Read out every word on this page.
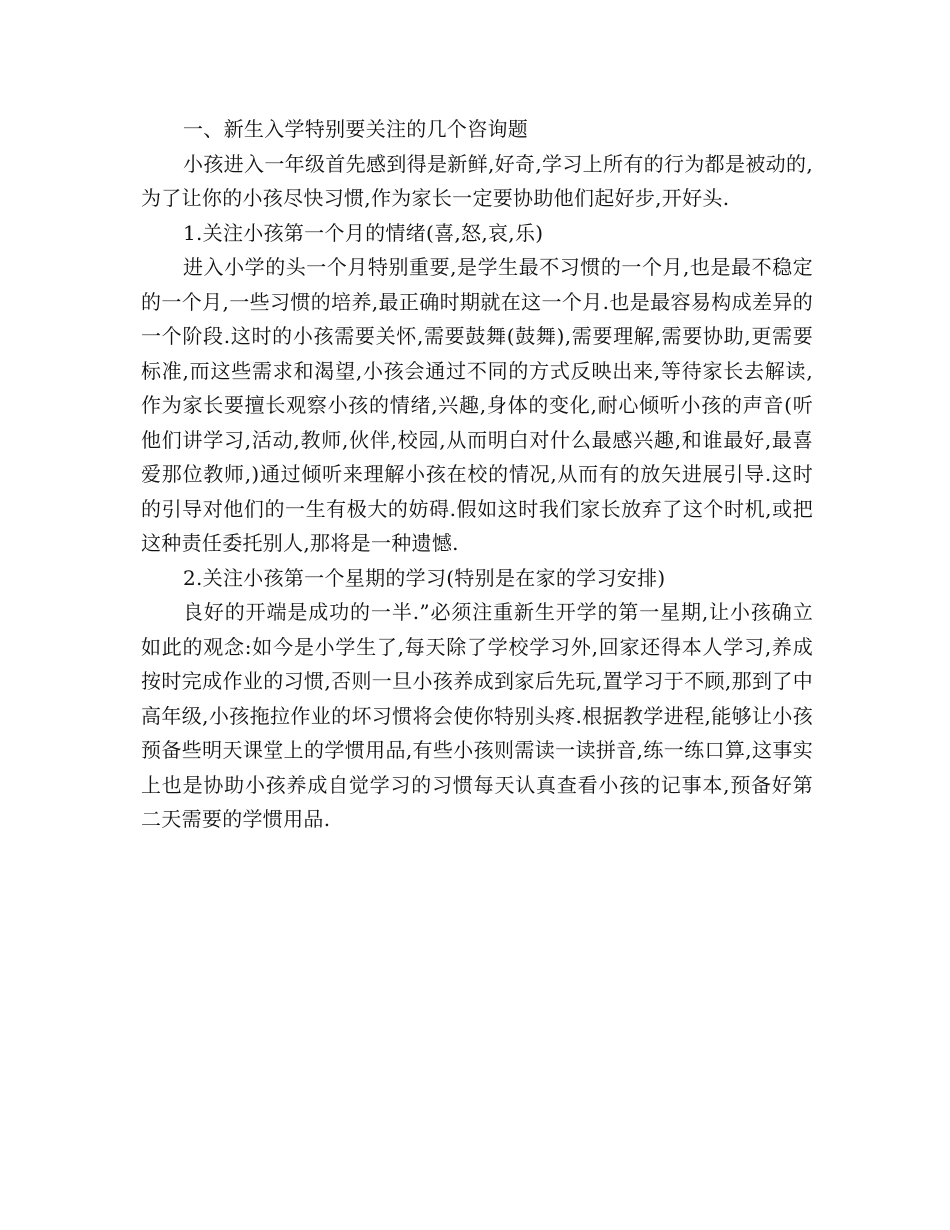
一、新生入学特别要关注的几个咨询题

小孩进入一年级首先感到得是新鲜,好奇,学习上所有的行为都是被动的,为了让你的小孩尽快习惯,作为家长一定要协助他们起好步,开好头.

1.关注小孩第一个月的情绪(喜,怒,哀,乐)

进入小学的头一个月特别重要,是学生最不习惯的一个月,也是最不稳定的一个月,一些习惯的培养,最正确时期就在这一个月.也是最容易构成差异的一个阶段.这时的小孩需要关怀,需要鼓舞(鼓舞),需要理解,需要协助,更需要标准,而这些需求和渴望,小孩会通过不同的方式反映出来,等待家长去解读,作为家长要擅长观察小孩的情绪,兴趣,身体的变化,耐心倾听小孩的声音(听他们讲学习,活动,教师,伙伴,校园,从而明白对什么最感兴趣,和谁最好,最喜爱那位教师,)通过倾听来理解小孩在校的情况,从而有的放矢进展引导.这时的引导对他们的一生有极大的妨碍.假如这时我们家长放弃了这个时机,或把这种责任委托别人,那将是一种遗憾.

2.关注小孩第一个星期的学习(特别是在家的学习安排)

良好的开端是成功的一半.”必须注重新生开学的第一星期,让小孩确立如此的观念:如今是小学生了,每天除了学校学习外,回家还得本人学习,养成按时完成作业的习惯,否则一旦小孩养成到家后先玩,置学习于不顾,那到了中高年级,小孩拖拉作业的坏习惯将会使你特别头疼.根据教学进程,能够让小孩预备些明天课堂上的学惯用品,有些小孩则需读一读拼音,练一练口算,这事实上也是协助小孩养成自觉学习的习惯每天认真查看小孩的记事本,预备好第二天需要的学惯用品.
